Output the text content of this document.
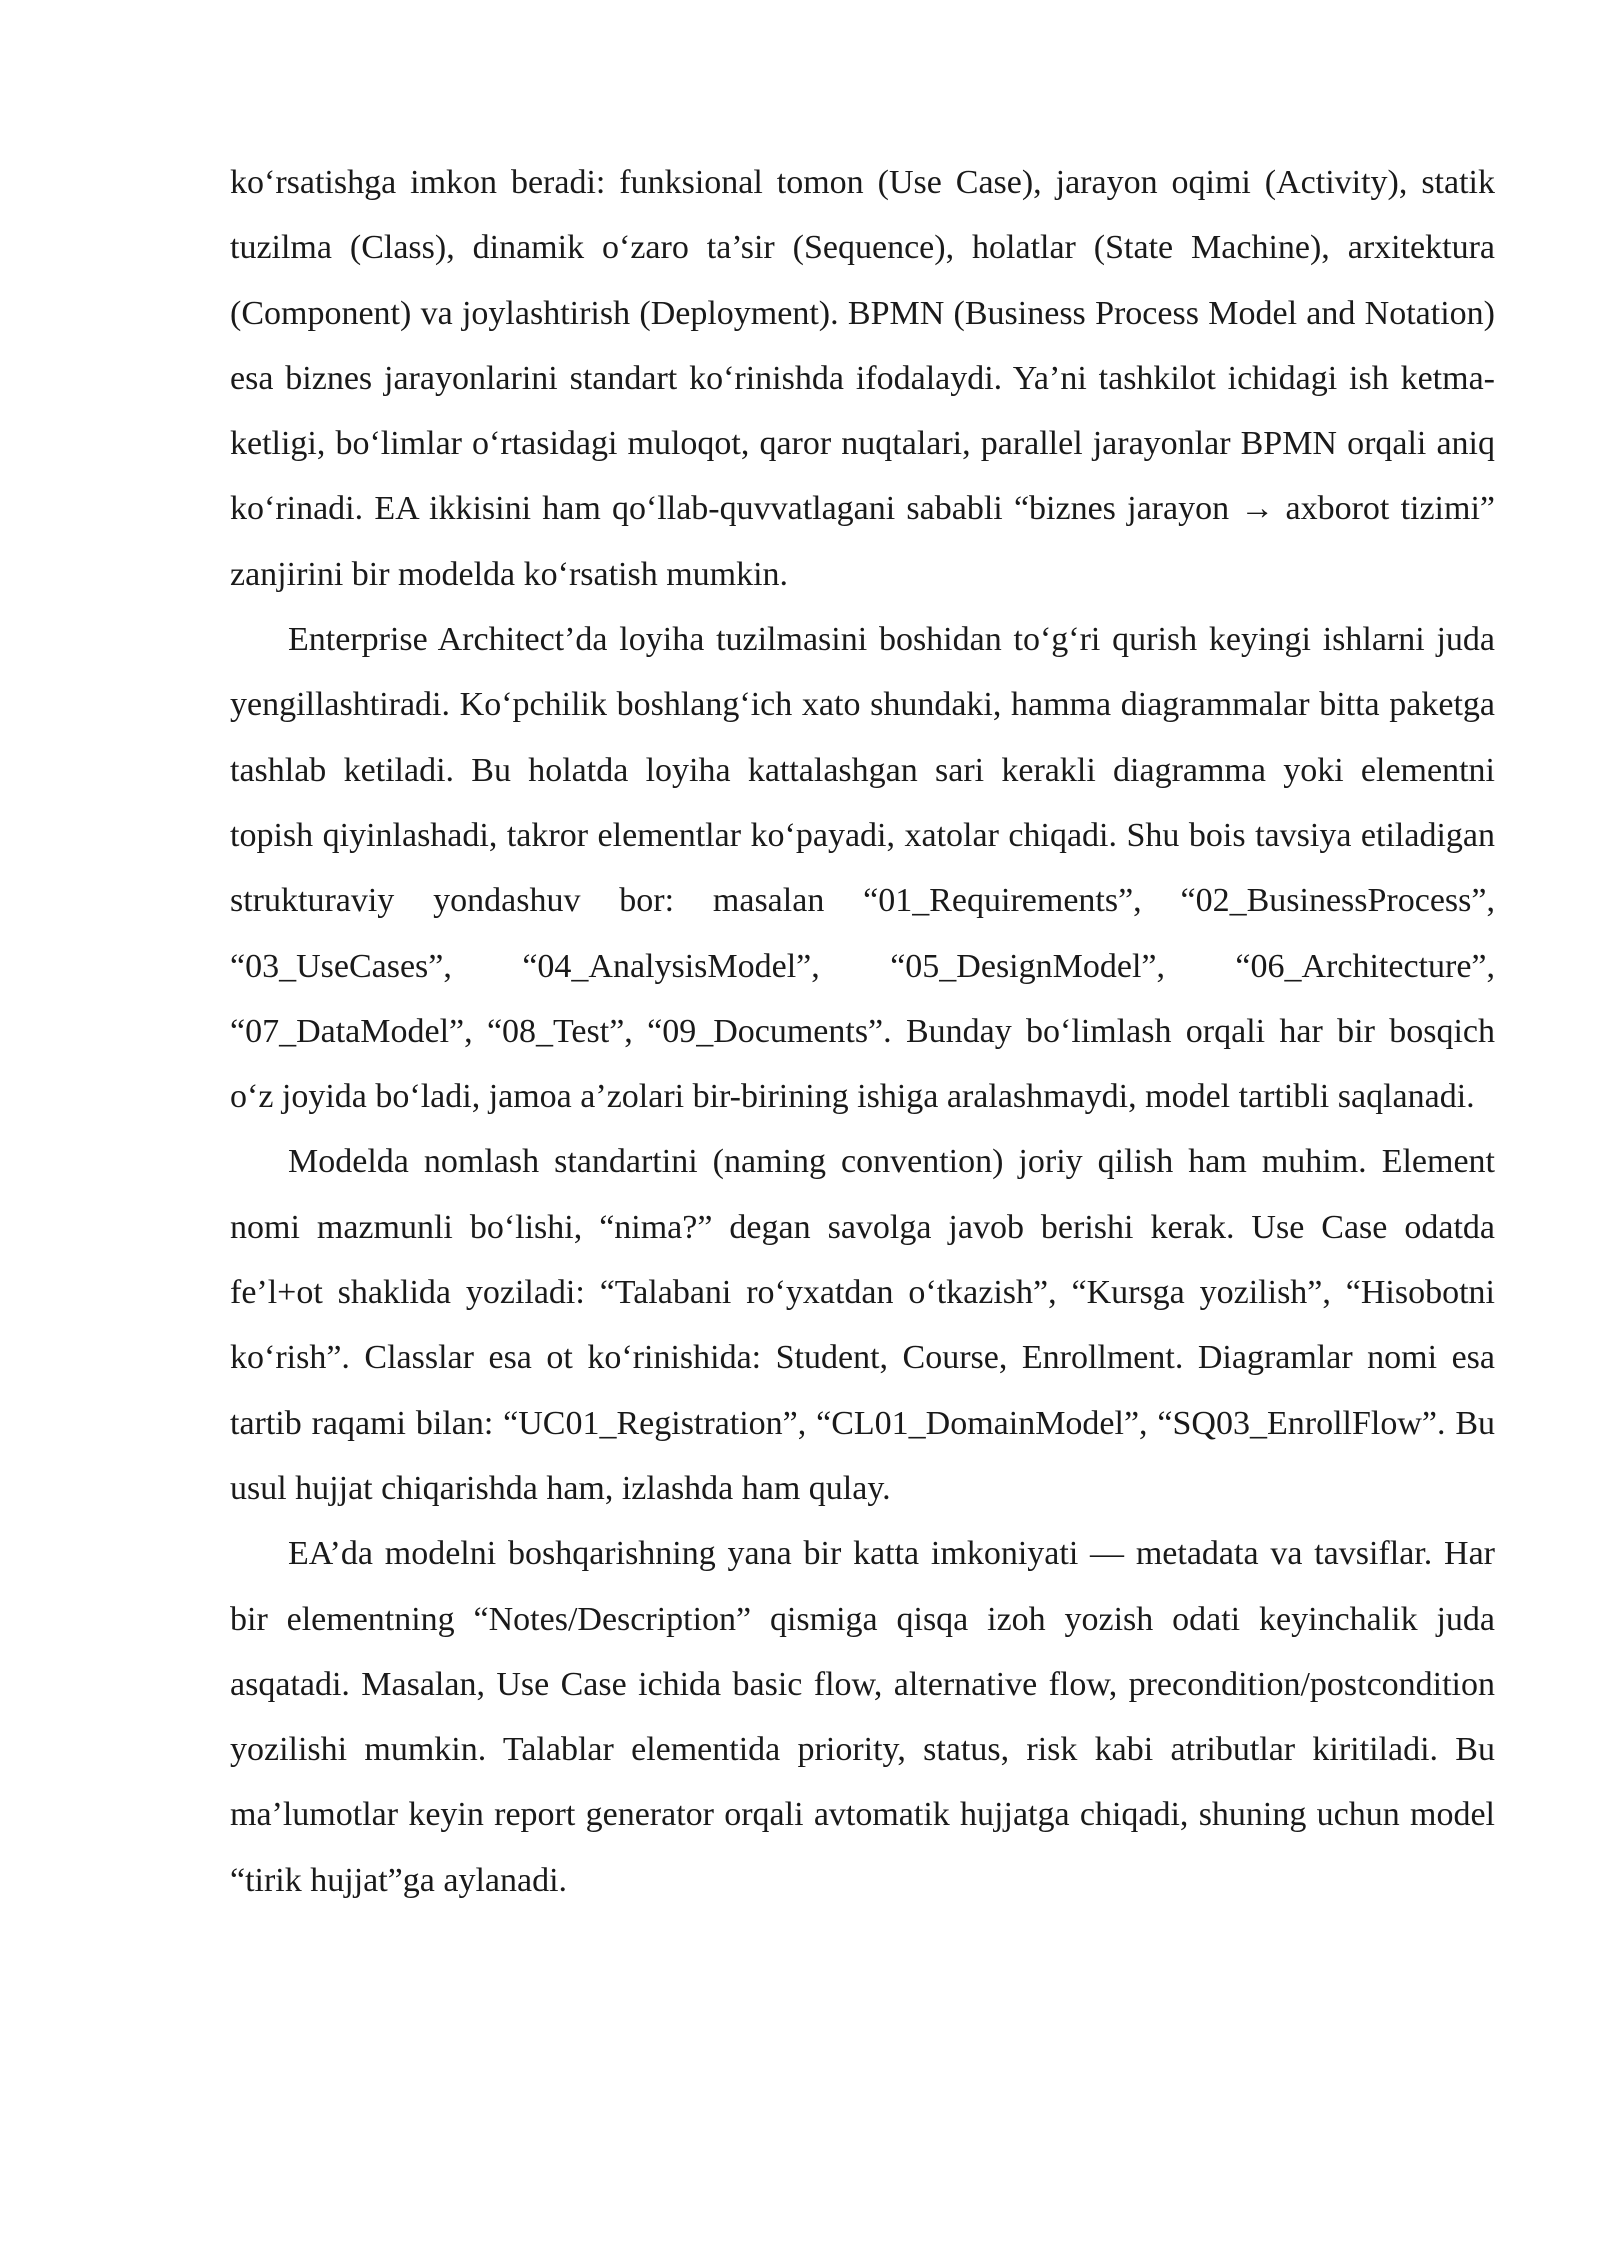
ko‘rsatishga imkon beradi: funksional tomon (Use Case), jarayon oqimi (Activity), statik tuzilma (Class), dinamik o‘zaro ta’sir (Sequence), holatlar (State Machine), arxitektura (Component) va joylashtirish (Deployment). BPMN (Business Process Model and Notation) esa biznes jarayonlarini standart ko‘rinishda ifodalaydi. Ya’ni tashkilot ichidagi ish ketma-ketligi, bo‘limlar o‘rtasidagi muloqot, qaror nuqtalari, parallel jarayonlar BPMN orqali aniq ko‘rinadi. EA ikkisini ham qo‘llab-quvvatlagani sababli “biznes jarayon → axborot tizimi” zanjirini bir modelda ko‘rsatish mumkin.

Enterprise Architect’da loyiha tuzilmasini boshidan to‘g‘ri qurish keyingi ishlarni juda yengillashtiradi. Ko‘pchilik boshlang‘ich xato shundaki, hamma diagrammalar bitta paketga tashlab ketiladi. Bu holatda loyiha kattalashgan sari kerakli diagramma yoki elementni topish qiyinlashadi, takror elementlar ko‘payadi, xatolar chiqadi. Shu bois tavsiya etiladigan strukturaviy yondashuv bor: masalan “01_Requirements”, “02_BusinessProcess”, “03_UseCases”, “04_AnalysisModel”, “05_DesignModel”, “06_Architecture”, “07_DataModel”, “08_Test”, “09_Documents”. Bunday bo‘limlash orqali har bir bosqich o‘z joyida bo‘ladi, jamoa a’zolari bir-birining ishiga aralashmaydi, model tartibli saqlanadi.

Modelda nomlash standartini (naming convention) joriy qilish ham muhim. Element nomi mazmunli bo‘lishi, “nima?” degan savolga javob berishi kerak. Use Case odatda fe’l+ot shaklida yoziladi: “Talabani ro‘yxatdan o‘tkazish”, “Kursga yozilish”, “Hisobotni ko‘rish”. Classlar esa ot ko‘rinishida: Student, Course, Enrollment. Diagramlar nomi esa tartib raqami bilan: “UC01_Registration”, “CL01_DomainModel”, “SQ03_EnrollFlow”. Bu usul hujjat chiqarishda ham, izlashda ham qulay.

EA’da modelni boshqarishning yana bir katta imkoniyati — metadata va tavsiflar. Har bir elementning “Notes/Description” qismiga qisqa izoh yozish odati keyinchalik juda asqatadi. Masalan, Use Case ichida basic flow, alternative flow, precondition/postcondition yozilishi mumkin. Talablar elementida priority, status, risk kabi atributlar kiritiladi. Bu ma’lumotlar keyin report generator orqali avtomatik hujjatga chiqadi, shuning uchun model “tirik hujjat”ga aylanadi.
